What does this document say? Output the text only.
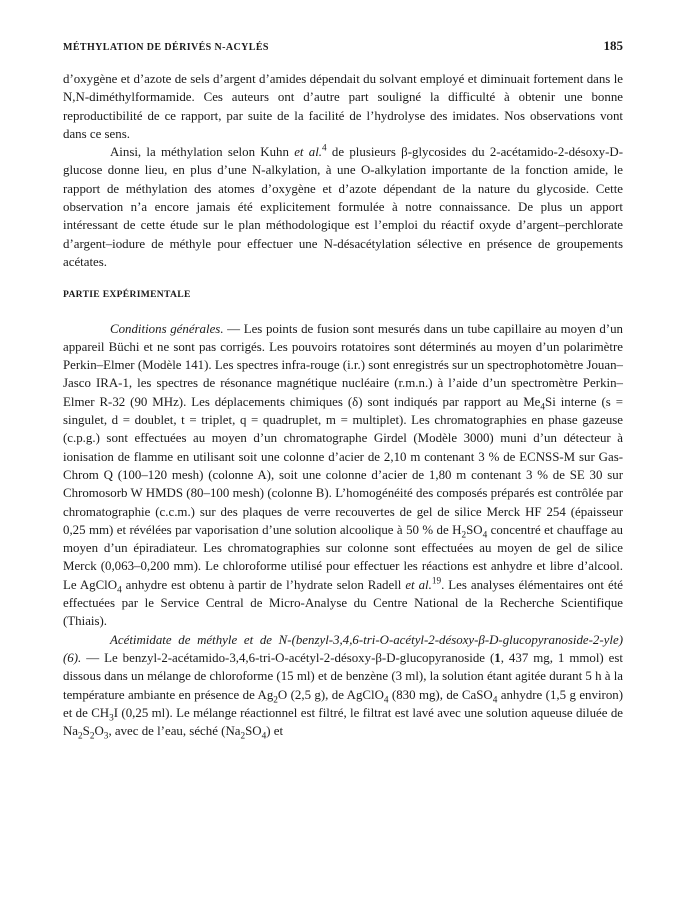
MÉTHYLATION DE DÉRIVÉS N-ACYLÉS	185

d’oxygène et d’azote de sels d’argent d’amides dépendait du solvant employé et diminuait fortement dans le N,N-diméthylformamide. Ces auteurs ont d’autre part souligné la difficulté à obtenir une bonne reproductibilité de ce rapport, par suite de la facilité de l’hydrolyse des imidates. Nos observations vont dans ce sens.

Ainsi, la méthylation selon Kuhn et al.$^4$ de plusieurs β-glycosides du 2-acétamido-2-désoxy-D-glucose donne lieu, en plus d’une N-alkylation, à une O-alkylation importante de la fonction amide, le rapport de méthylation des atomes d’oxygène et d’azote dépendant de la nature du glycoside. Cette observation n’a encore jamais été explicitement formulée à notre connaissance. De plus un apport intéressant de cette étude sur le plan méthodologique est l’emploi du réactif oxyde d’argent–perchlorate d’argent–iodure de méthyle pour effectuer une N-désacétylation sélective en présence de groupements acétates.

PARTIE EXPÉRIMENTALE

Conditions générales. — Les points de fusion sont mesurés dans un tube capillaire au moyen d’un appareil Büchi et ne sont pas corrigés. Les pouvoirs rotatoires sont déterminés au moyen d’un polarimètre Perkin–Elmer (Modèle 141). Les spectres infra-rouge (i.r.) sont enregistrés sur un spectrophotomètre Jouan–Jasco IRA-1, les spectres de résonance magnétique nucléaire (r.m.n.) à l’aide d’un spectromètre Perkin–Elmer R-32 (90 MHz). Les déplacements chimiques (δ) sont indiqués par rapport au $Me_4Si$ interne (s = singulet, d = doublet, t = triplet, q = quadruplet, m = multiplet). Les chromatographies en phase gazeuse (c.p.g.) sont effectuées au moyen d’un chromatographe Girdel (Modèle 3000) muni d’un détecteur à ionisation de flamme en utilisant soit une colonne d’acier de 2,10 m contenant 3 % de ECNSS-M sur Gas-Chrom Q (100–120 mesh) (colonne A), soit une colonne d’acier de 1,80 m contenant 3 % de SE 30 sur Chromosorb W HMDS (80–100 mesh) (colonne B). L’homogénéité des composés préparés est contrôlée par chromatographie (c.c.m.) sur des plaques de verre recouvertes de gel de silice Merck HF 254 (épaisseur 0,25 mm) et révélées par vaporisation d’une solution alcoolique à 50 % de $H_2SO_4$ concentré et chauffage au moyen d’un épiradiateur. Les chromatographies sur colonne sont effectuées au moyen de gel de silice Merck (0,063–0,200 mm). Le chloroforme utilisé pour effectuer les réactions est anhydre et libre d’alcool. Le AgClO$_4$ anhydre est obtenu à partir de l’hydrate selon Radell et al.$^{19}$. Les analyses élémentaires ont été effectuées par le Service Central de Micro-Analyse du Centre National de la Recherche Scientifique (Thiais).

Acétimidate de méthyle et de N-(benzyl-3,4,6-tri-O-acétyl-2-désoxy-β-D-glucopyranoside-2-yle) (6). — Le benzyl-2-acétamido-3,4,6-tri-O-acétyl-2-désoxy-β-D-glucopyranoside (1, 437 mg, 1 mmol) est dissous dans un mélange de chloroforme (15 ml) et de benzène (3 ml), la solution étant agitée durant 5 h à la température ambiante en présence de $Ag_2O$ (2,5 g), de AgClO$_4$ (830 mg), de CaSO$_4$ anhydre (1,5 g environ) et de $CH_3I$ (0,25 ml). Le mélange réactionnel est filtré, le filtrat est lavé avec une solution aqueuse diluée de $Na_2S_2O_3$, avec de l’eau, séché $(Na_2SO_4)$ et
